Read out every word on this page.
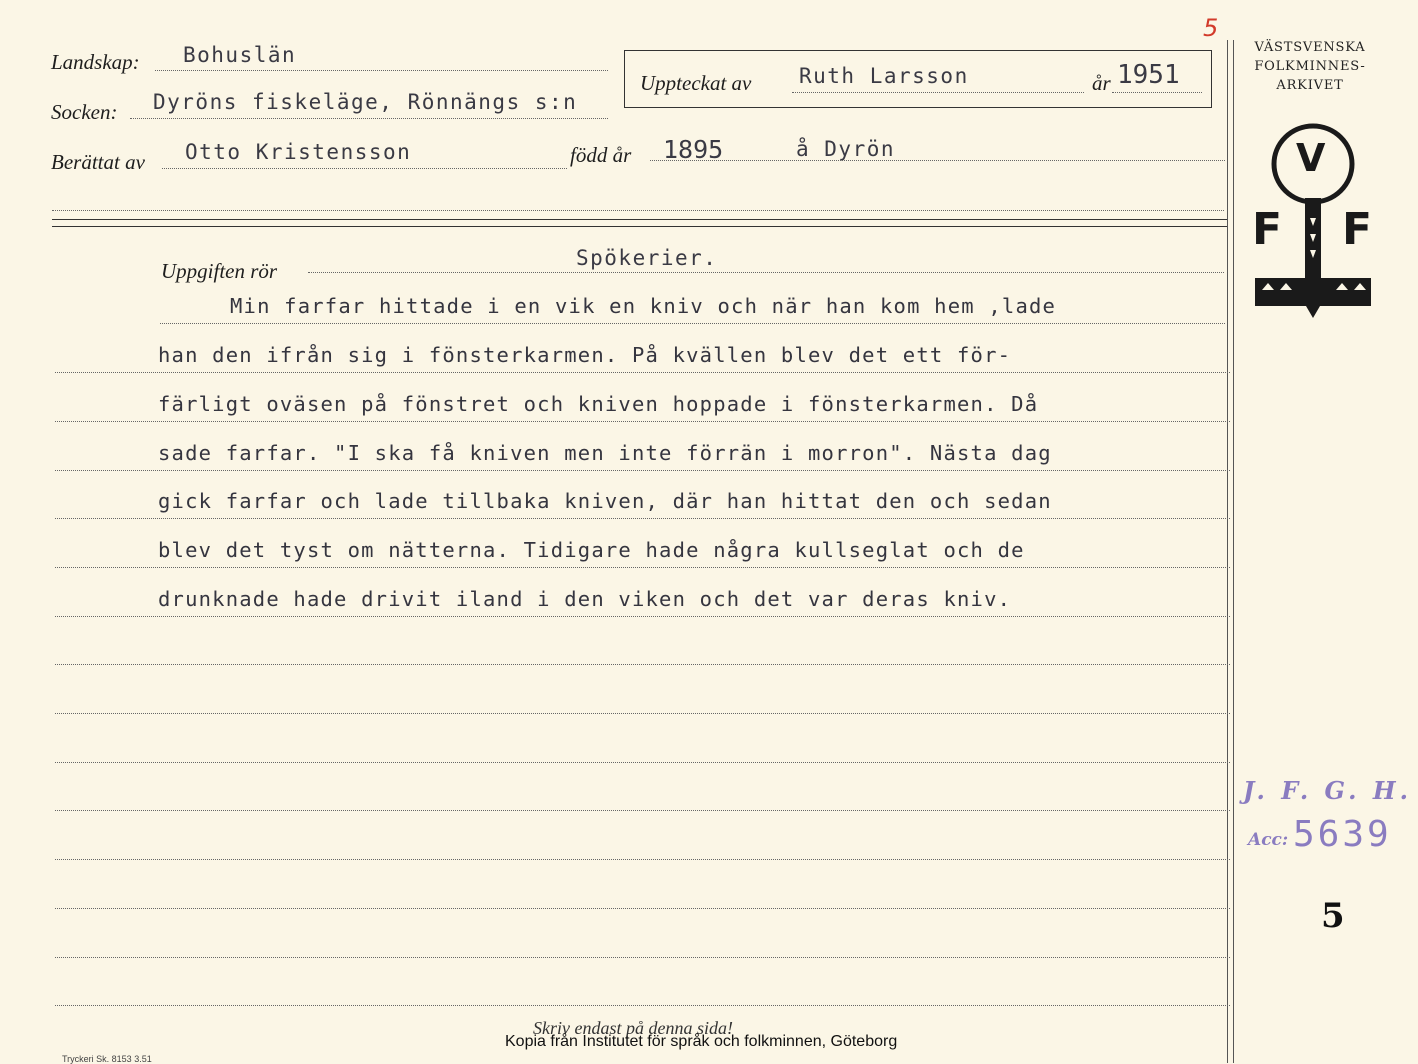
5
Landskap: Bohuslän
Uppteckat av Ruth Larsson	år 1951
Socken: Dyröns fiskeläge, Rönnängs s:n
Berättat av Otto Kristensson	född år 1895	å Dyrön
Uppgiften rör
Spökerier.
Min farfar hittade i en vik en kniv och när han kom hem ,lade
han den ifrån sig i fönsterkarmen. På kvällen blev det ett för-
färligt oväsen på fönstret och kniven hoppade i fönsterkarmen. Då
sade farfar. "I ska få kniven men inte förrän i morron". Nästa dag
gick farfar och lade tillbaka kniven, där han hittat den och sedan
blev det tyst om nätterna. Tidigare hade några kullseglat och de
drunknade hade drivit iland i den viken och det var deras kniv.
VÄSTSVENSKA
FOLKMINNES-
ARKIVET
V
F F
J. F. G. H.
Acc: 5639
5
Skriv endast på denna sida!
Kopia från Institutet för språk och folkminnen, Göteborg
Tryckeri Sk. 8153 3.51
